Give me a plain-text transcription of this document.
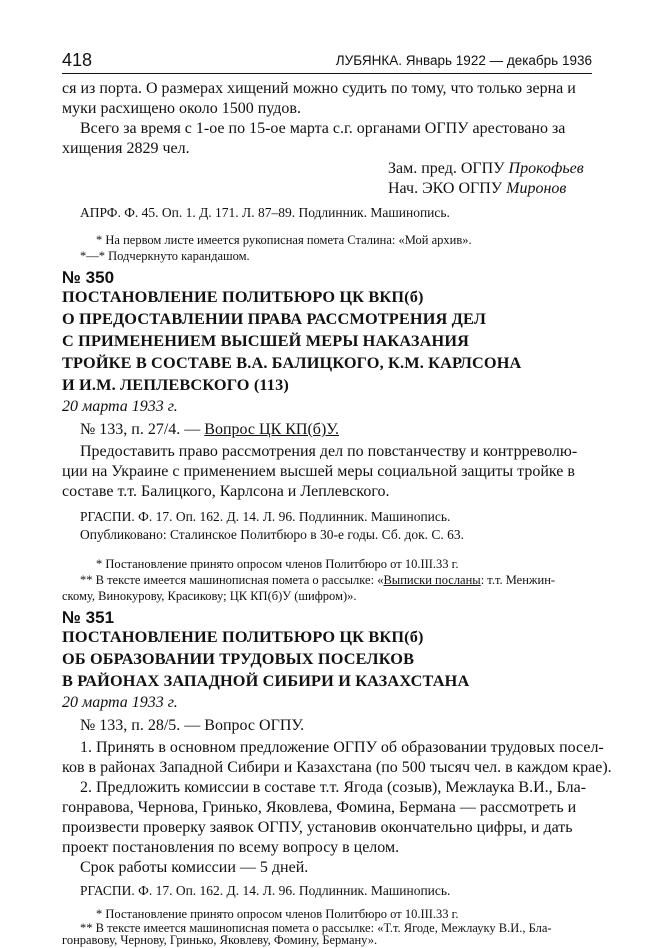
418	ЛУБЯНКА. Январь 1922 — декабрь 1936
ся из порта. О размерах хищений можно судить по тому, что только зерна и
муки расхищено около 1500 пудов.
Всего за время с 1-ое по 15-ое марта с.г. органами ОГПУ арестовано за
хищения 2829 чел.
Зам. пред. ОГПУ Прокофьев
Нач. ЭКО ОГПУ Миронов
АПРФ. Ф. 45. Оп. 1. Д. 171. Л. 87–89. Подлинник. Машинопись.
* На первом листе имеется рукописная помета Сталина: «Мой архив».
*—* Подчеркнуто карандашом.
№ 350
ПОСТАНОВЛЕНИЕ ПОЛИТБЮРО ЦК ВКП(б)
О ПРЕДОСТАВЛЕНИИ ПРАВА РАССМОТРЕНИЯ ДЕЛ
С ПРИМЕНЕНИЕМ ВЫСШЕЙ МЕРЫ НАКАЗАНИЯ
ТРОЙКЕ В СОСТАВЕ В.А. БАЛИЦКОГО, К.М. КАРЛСОНА
И И.М. ЛЕПЛЕВСКОГО (113)
20 марта 1933 г.
№ 133, п. 27/4. — Вопрос ЦК КП(б)У.
Предоставить право рассмотрения дел по повстанчеству и контрреволю-
ции на Украине с применением высшей меры социальной защиты тройке в
составе т.т. Балицкого, Карлсона и Леплевского.
РГАСПИ. Ф. 17. Оп. 162. Д. 14. Л. 96. Подлинник. Машинопись.
Опубликовано: Сталинское Политбюро в 30-е годы. Сб. док. С. 63.
* Постановление принято опросом членов Политбюро от 10.III.33 г.
** В тексте имеется машинописная помета о рассылке: «Выписки посланы: т.т. Менжин-
скому, Винокурову, Красикову; ЦК КП(б)У (шифром)».
№ 351
ПОСТАНОВЛЕНИЕ ПОЛИТБЮРО ЦК ВКП(б)
ОБ ОБРАЗОВАНИИ ТРУДОВЫХ ПОСЕЛКОВ
В РАЙОНАХ ЗАПАДНОЙ СИБИРИ И КАЗАХСТАНА
20 марта 1933 г.
№ 133, п. 28/5. — Вопрос ОГПУ.
1. Принять в основном предложение ОГПУ об образовании трудовых посел-
ков в районах Западной Сибири и Казахстана (по 500 тысяч чел. в каждом крае).
2. Предложить комиссии в составе т.т. Ягода (созыв), Межлаука В.И., Бла-
гонравова, Чернова, Гринько, Яковлева, Фомина, Бермана — рассмотреть и
произвести проверку заявок ОГПУ, установив окончательно цифры, и дать
проект постановления по всему вопросу в целом.
Срок работы комиссии — 5 дней.
РГАСПИ. Ф. 17. Оп. 162. Д. 14. Л. 96. Подлинник. Машинопись.
* Постановление принято опросом членов Политбюро от 10.III.33 г.
** В тексте имеется машинописная помета о рассылке: «Т.т. Ягоде, Межлауку В.И., Бла-
гонравову, Чернову, Гринько, Яковлеву, Фомину, Берману».
